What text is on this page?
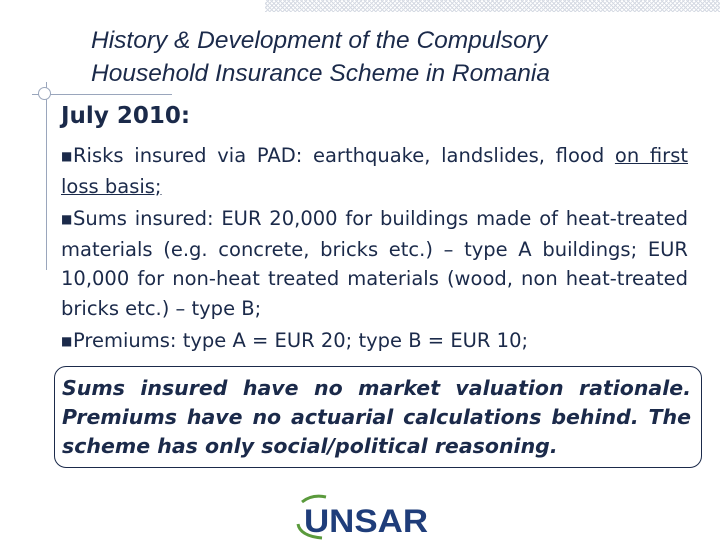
History & Development of the Compulsory
Household Insurance Scheme in Romania
July 2010:

■Risks insured via PAD: earthquake, landslides, flood on first loss basis;

■Sums insured: EUR 20,000 for buildings made of heat-treated materials (e.g. concrete, bricks etc.) – type A buildings; EUR 10,000 for non-heat treated materials (wood, non heat-treated bricks etc.) – type B;

■Premiums: type A = EUR 20; type B = EUR 10;

Sums insured have no market valuation rationale. Premiums have no actuarial calculations behind. The scheme has only social/political reasoning.
UNSAR
